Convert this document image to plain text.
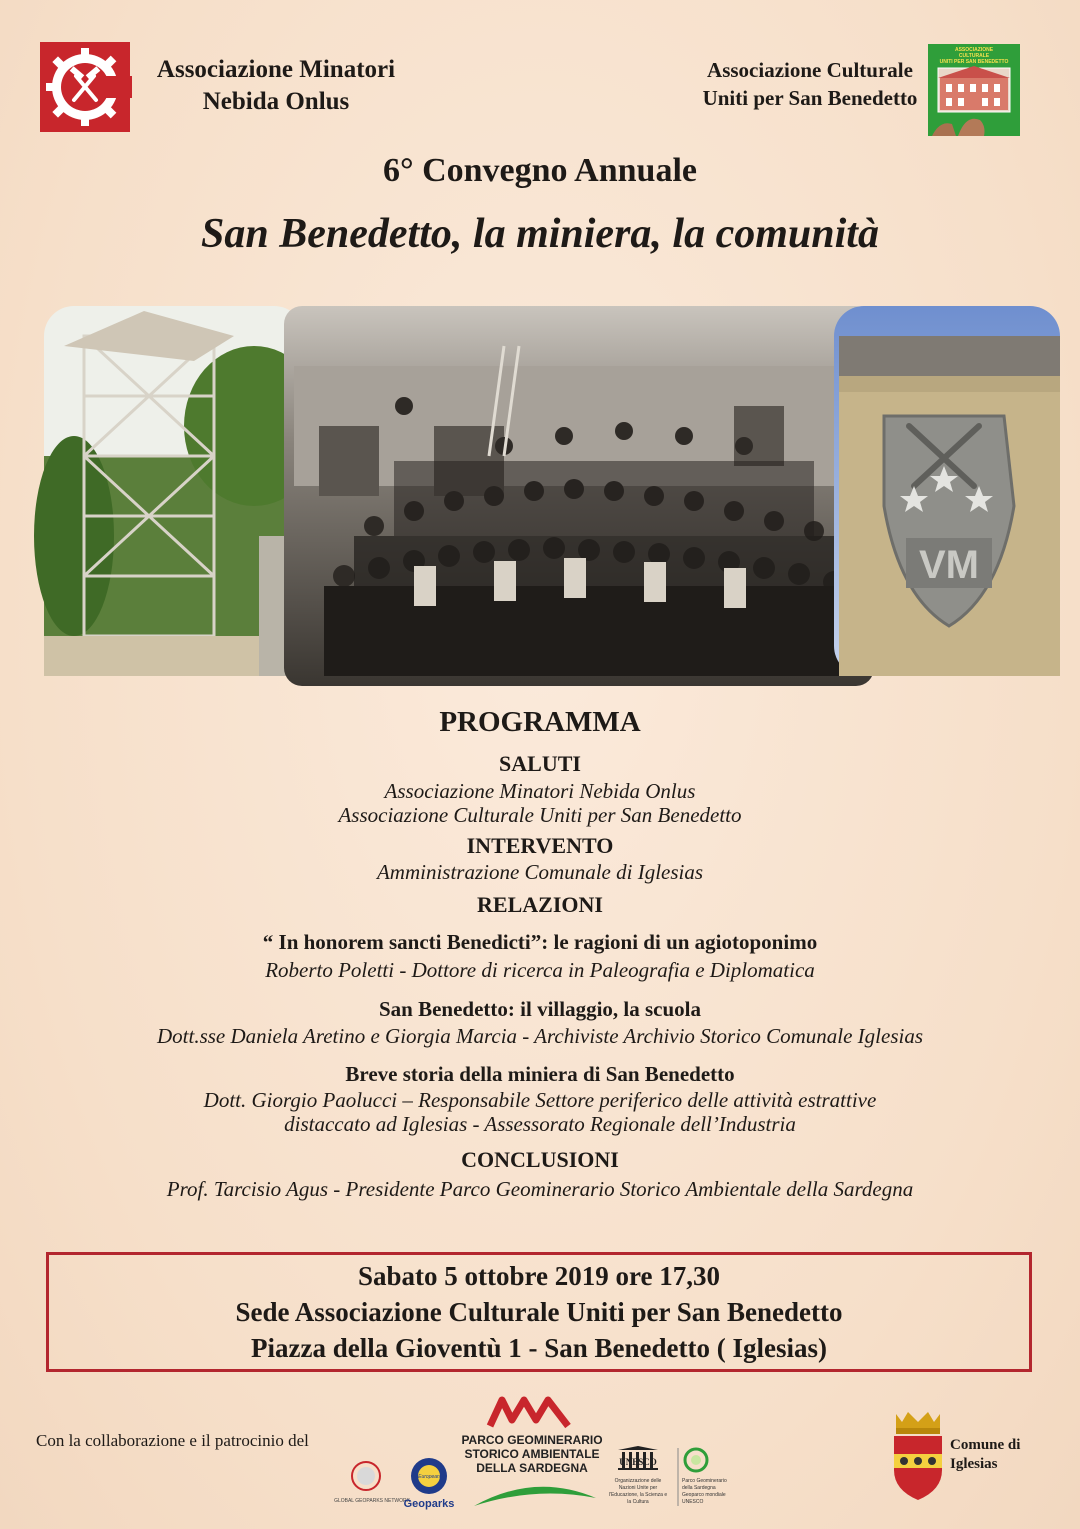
Associazione Minatori
Nebida Onlus
Associazione Culturale
Uniti per San Benedetto
ASSOCIAZIONE
CULTURALE
UNITI PER SAN BENEDETTO
6° Convegno Annuale
San Benedetto, la miniera, la comunità
VM
PROGRAMMA
SALUTI
Associazione Minatori Nebida Onlus
Associazione Culturale Uniti per San Benedetto
INTERVENTO
Amministrazione Comunale di Iglesias
RELAZIONI
“ In honorem sancti Benedicti”: le ragioni di un agiotoponimo
Roberto Poletti - Dottore di ricerca in Paleografia e Diplomatica
San Benedetto: il villaggio, la scuola
Dott.sse Daniela Aretino e Giorgia Marcia - Archiviste Archivio Storico Comunale Iglesias
Breve storia della miniera di San Benedetto
Dott. Giorgio Paolucci – Responsabile Settore periferico delle attività estrattive
distaccato ad Iglesias - Assessorato Regionale dell’Industria
CONCLUSIONI
Prof. Tarcisio Agus - Presidente Parco Geominerario Storico Ambientale della Sardegna
Sabato 5 ottobre 2019 ore 17,30
Sede Associazione Culturale Uniti per San Benedetto
Piazza della Gioventù 1 - San Benedetto ( Iglesias)
Con la collaborazione e il patrocinio del	PARCO GEOMINERARIO
STORICO AMBIENTALE
DELLA SARDEGNA
GLOBAL GEOPARKS NETWORK
European
Geoparks
UNESCO
Organizzazione delle
Nazioni Unite per
l'Educazione, la Scienza e
la Cultura
Parco Geominerario
della Sardegna
Geoparco mondiale
UNESCO
Comune di
Iglesias
